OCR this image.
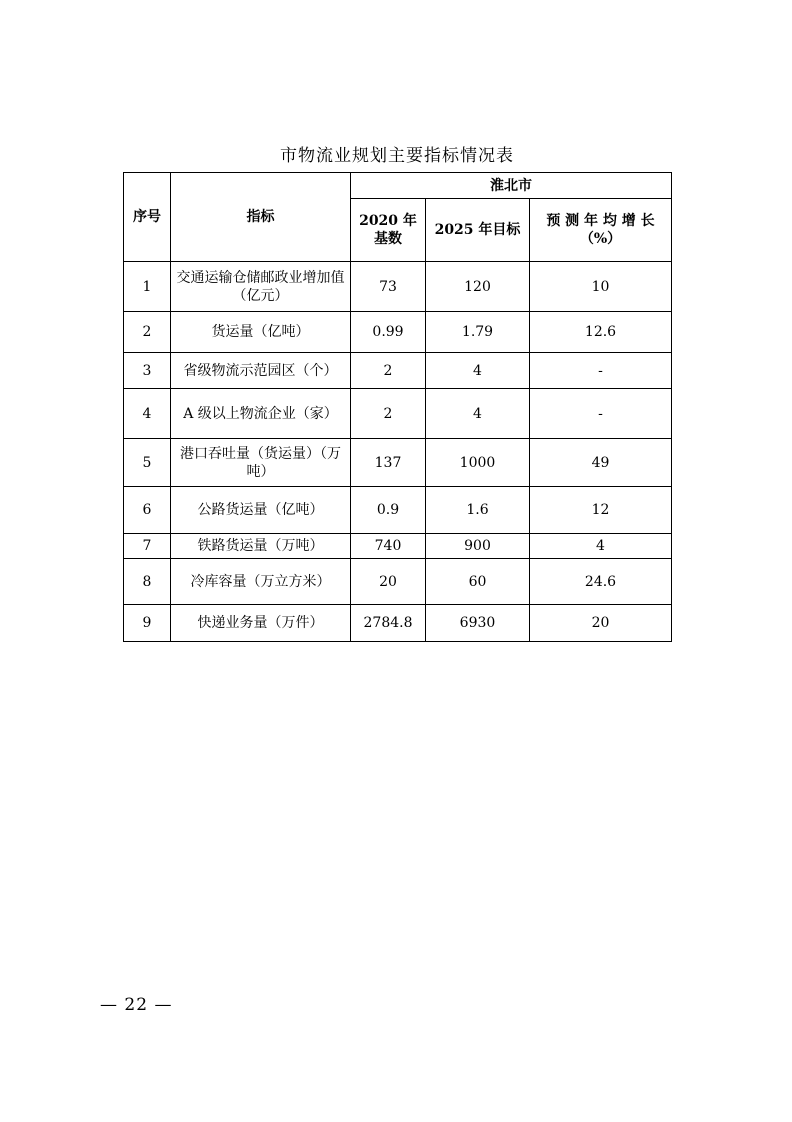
市物流业规划主要指标情况表
序号	指标	淮北市		
		2020 年基数	2025 年目标	预 测 年 均 增 长（%）
1	交通运输仓储邮政业增加值（亿元）	73	120	10
2	货运量（亿吨）	0.99	1.79	12.6
3	省级物流示范园区（个）	2	4	-
4	A 级以上物流企业（家）	2	4	-
5	港口吞吐量（货运量）（万吨）	137	1000	49
6	公路货运量（亿吨）	0.9	1.6	12
7	铁路货运量（万吨）	740	900	4
8	冷库容量（万立方米）	20	60	24.6
9	快递业务量（万件）	2784.8	6930	20
— 22 —
